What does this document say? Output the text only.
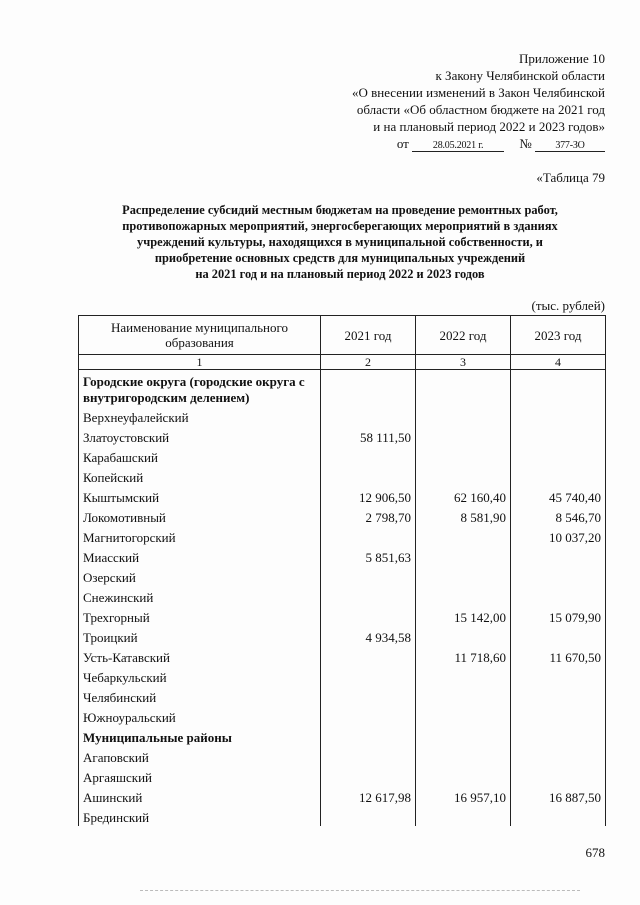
Приложение 10
к Закону Челябинской области
«О внесении изменений в Закон Челябинской
области «Об областном бюджете на 2021 год
и на плановый период 2022 и 2023 годов»
от 28.05.2021 г.	№ 377-ЗО
«Таблица 79
Распределение субсидий местным бюджетам на проведение ремонтных работ,
противопожарных мероприятий, энергосберегающих мероприятий в зданиях
учреждений культуры, находящихся в муниципальной собственности, и
приобретение основных средств для муниципальных учреждений
на 2021 год и на плановый период 2022 и 2023 годов
(тыс. рублей)
Наименование муниципального образования	2021 год	2022 год	2023 год
1	2	3	4
Городские округа (городские округа с внутригородским делением)			
Верхнеуфалейский			
Златоустовский	58 111,50		
Карабашский			
Копейский			
Кыштымский	12 906,50	62 160,40	45 740,40
Локомотивный	2 798,70	8 581,90	8 546,70
Магнитогорский			10 037,20
Миасский	5 851,63		
Озерский			
Снежинский			
Трехгорный		15 142,00	15 079,90
Троицкий	4 934,58		
Усть-Катавский		11 718,60	11 670,50
Чебаркульский			
Челябинский			
Южноуральский			
Муниципальные районы			
Агаповский			
Аргаяшский			
Ашинский	12 617,98	16 957,10	16 887,50
Брединский			
678
